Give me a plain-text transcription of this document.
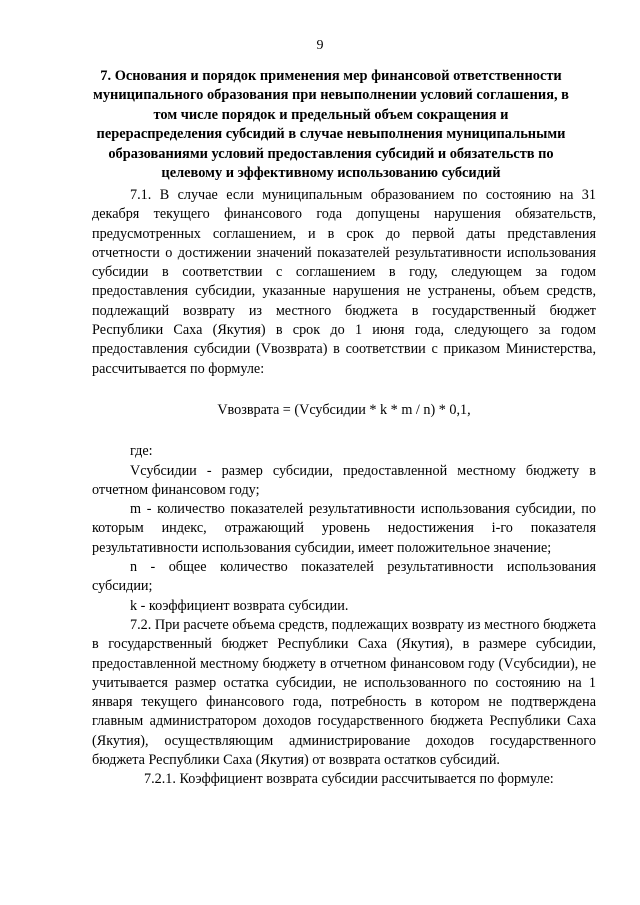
9
7. Основания и порядок применения мер финансовой ответственности муниципального образования при невыполнении условий соглашения, в том числе порядок и предельный объем сокращения и перераспределения субсидий в случае невыполнения муниципальными образованиями условий предоставления субсидий и обязательств по целевому и эффективному использованию субсидий

7.1. В случае если муниципальным образованием по состоянию на 31 декабря текущего финансового года допущены нарушения обязательств, предусмотренных соглашением, и в срок до первой даты представления отчетности о достижении значений показателей результативности использования субсидии в соответствии с соглашением в году, следующем за годом предоставления субсидии, указанные нарушения не устранены, объем средств, подлежащий возврату из местного бюджета в государственный бюджет Республики Саха (Якутия) в срок до 1 июня года, следующего за годом предоставления субсидии (Vвозврата) в соответствии с приказом Министерства, рассчитывается по формуле:

Vвозврата = (Vсубсидии * k * m / n) * 0,1,

где:

Vсубсидии - размер субсидии, предоставленной местному бюджету в отчетном финансовом году;

m - количество показателей результативности использования субсидии, по которым индекс, отражающий уровень недостижения i-го показателя результативности использования субсидии, имеет положительное значение;

n - общее количество показателей результативности использования субсидии;

k - коэффициент возврата субсидии.

7.2. При расчете объема средств, подлежащих возврату из местного бюджета в государственный бюджет Республики Саха (Якутия), в размере субсидии, предоставленной местному бюджету в отчетном финансовом году (Vсубсидии), не учитывается размер остатка субсидии, не использованного по состоянию на 1 января текущего финансового года, потребность в котором не подтверждена главным администратором доходов государственного бюджета Республики Саха (Якутия), осуществляющим администрирование доходов государственного бюджета Республики Саха (Якутия) от возврата остатков субсидий.

7.2.1. Коэффициент возврата субсидии рассчитывается по формуле:
